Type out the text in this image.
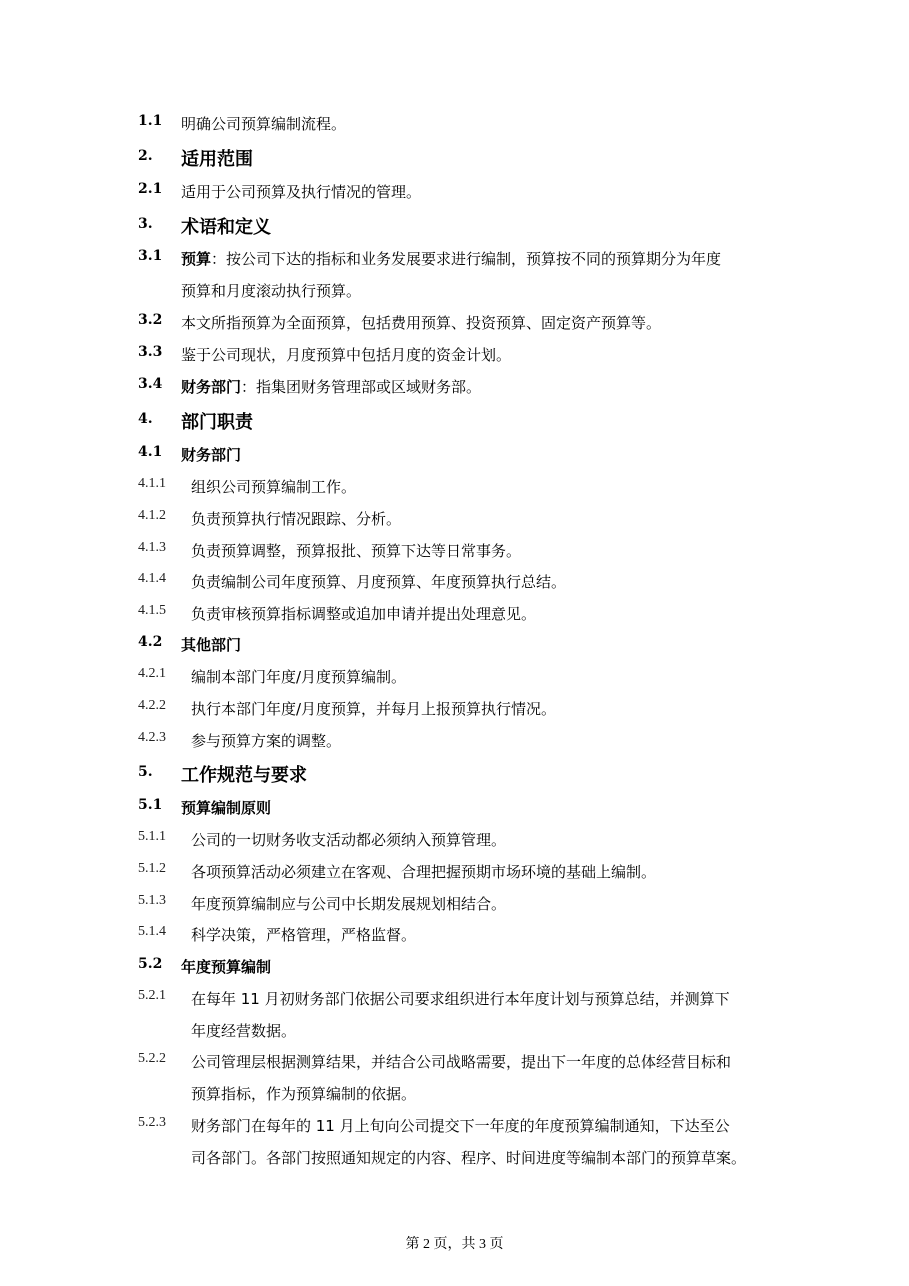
1.1 明确公司预算编制流程。
2. 适用范围
2.1 适用于公司预算及执行情况的管理。
3. 术语和定义
3.1 预算：按公司下达的指标和业务发展要求进行编制，预算按不同的预算期分为年度
预算和月度滚动执行预算。
3.2 本文所指预算为全面预算，包括费用预算、投资预算、固定资产预算等。
3.3 鉴于公司现状，月度预算中包括月度的资金计划。
3.4 财务部门：指集团财务管理部或区域财务部。
4. 部门职责
4.1 财务部门
4.1.1 组织公司预算编制工作。
4.1.2 负责预算执行情况跟踪、分析。
4.1.3 负责预算调整，预算报批、预算下达等日常事务。
4.1.4 负责编制公司年度预算、月度预算、年度预算执行总结。
4.1.5 负责审核预算指标调整或追加申请并提出处理意见。
4.2 其他部门
4.2.1 编制本部门年度/月度预算编制。
4.2.2 执行本部门年度/月度预算，并每月上报预算执行情况。
4.2.3 参与预算方案的调整。
5. 工作规范与要求
5.1 预算编制原则
5.1.1 公司的一切财务收支活动都必须纳入预算管理。
5.1.2 各项预算活动必须建立在客观、合理把握预期市场环境的基础上编制。
5.1.3 年度预算编制应与公司中长期发展规划相结合。
5.1.4 科学决策，严格管理，严格监督。
5.2 年度预算编制
5.2.1 在每年 11 月初财务部门依据公司要求组织进行本年度计划与预算总结，并测算下
年度经营数据。
5.2.2 公司管理层根据测算结果，并结合公司战略需要，提出下一年度的总体经营目标和
预算指标，作为预算编制的依据。
5.2.3 财务部门在每年的 11 月上旬向公司提交下一年度的年度预算编制通知，下达至公
司各部门。各部门按照通知规定的内容、程序、时间进度等编制本部门的预算草案。
第 2 页，共 3 页
